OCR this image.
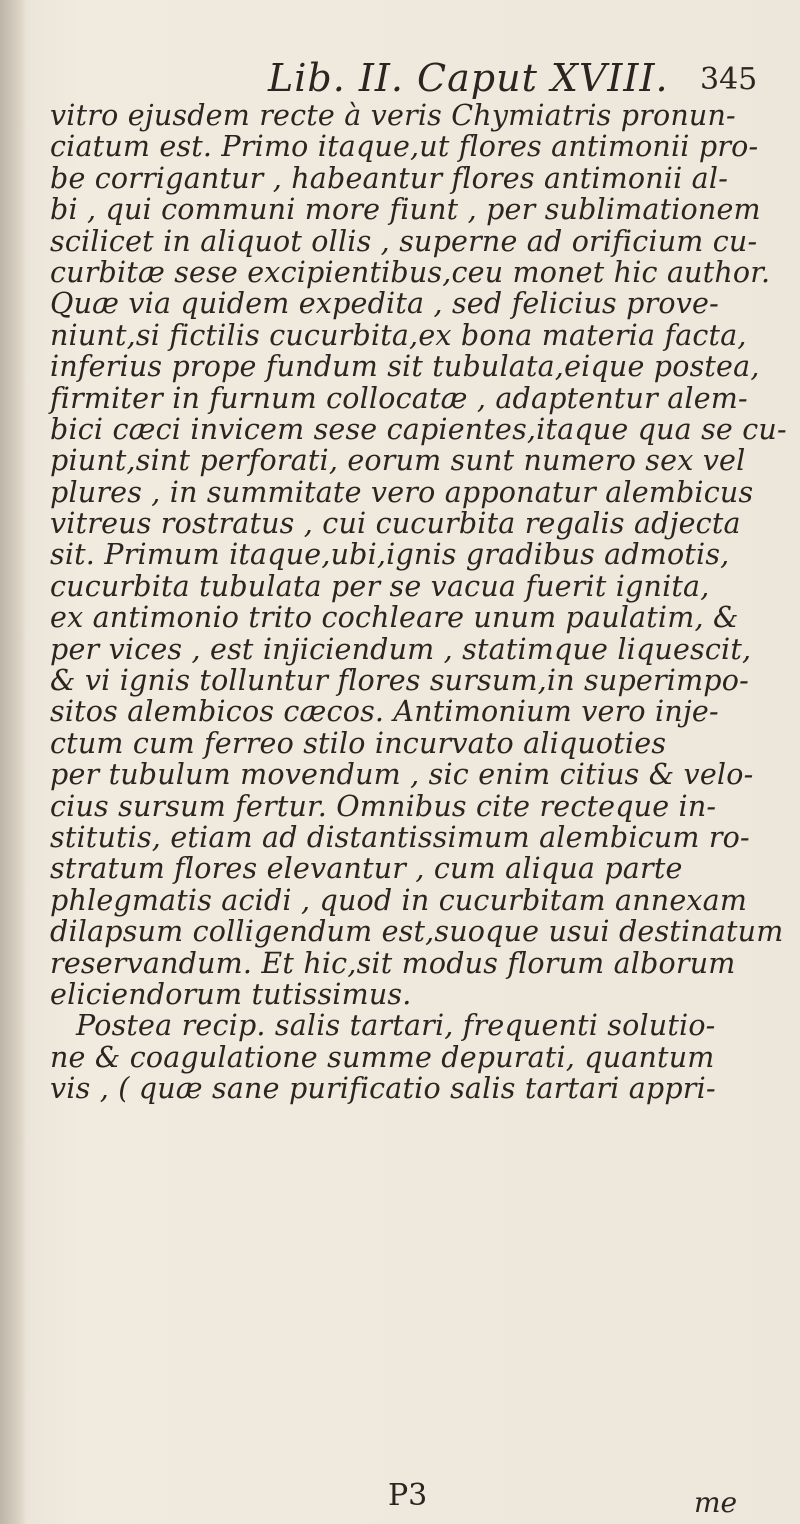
Lib. II. Caput XVIII. 345
vitro ejusdem recte à veris Chymiatris pronun-
ciatum est. Primo itaque,ut flores antimonii pro-
be corrigantur , habeantur flores antimonii al-
bi , qui communi more fiunt , per sublimationem
scilicet in aliquot ollis , superne ad orificium cu-
curbitæ sese excipientibus,ceu monet hic author.
Quæ via quidem expedita , sed felicius prove-
niunt,si fictilis cucurbita,ex bona materia facta,
inferius prope fundum sit tubulata,eique postea,
firmiter in furnum collocatæ , adaptentur alem-
bici cæci invicem sese capientes,itaque qua se cu-
piunt,sint perforati, eorum sunt numero sex vel
plures , in summitate vero apponatur alembicus
vitreus rostratus , cui cucurbita regalis adjecta
sit. Primum itaque,ubi,ignis gradibus admotis,
cucurbita tubulata per se vacua fuerit ignita,
ex antimonio trito cochleare unum paulatim, &
per vices , est injiciendum , statimque liquescit,
& vi ignis tolluntur flores sursum,in superimpo-
sitos alembicos cæcos. Antimonium vero inje-
ctum cum ferreo stilo incurvato aliquoties
per tubulum movendum , sic enim citius & velo-
cius sursum fertur. Omnibus cite recteque in-
stitutis, etiam ad distantissimum alembicum ro-
stratum flores elevantur , cum aliqua parte
phlegmatis acidi , quod in cucurbitam annexam
dilapsum colligendum est,suoque usui destinatum
reservandum. Et hic,sit modus florum alborum
eliciendorum tutissimus.
Postea recip. salis tartari, frequenti solutio-
ne & coagulatione summe depurati, quantum
vis , ( quæ sane purificatio salis tartari appri-
P3	me
